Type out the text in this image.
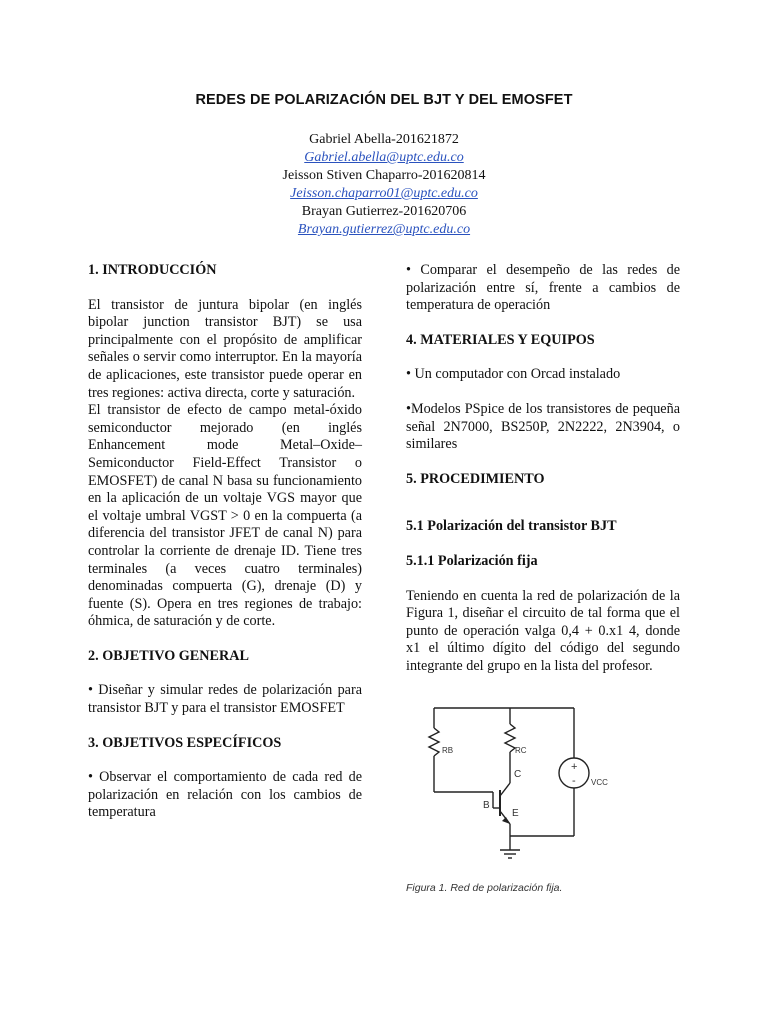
REDES DE POLARIZACIÓN DEL BJT Y DEL EMOSFET
Gabriel Abella-201621872
Gabriel.abella@uptc.edu.co
Jeisson Stiven Chaparro-201620814
Jeisson.chaparro01@uptc.edu.co
Brayan Gutierrez-201620706
Brayan.gutierrez@uptc.edu.co

1. INTRODUCCIÓN

El transistor de juntura bipolar (en inglés bipolar junction transistor BJT) se usa principalmente con el propósito de amplificar señales o servir como interruptor. En la mayoría de aplicaciones, este transistor puede operar en tres regiones: activa directa, corte y saturación.

El transistor de efecto de campo metal-óxido semiconductor mejorado (en inglés Enhancement mode Metal–Oxide–Semiconductor Field-Effect Transistor o EMOSFET) de canal N basa su funcionamiento en la aplicación de un voltaje VGS mayor que el voltaje umbral VGST > 0 en la compuerta (a diferencia del transistor JFET de canal N) para controlar la corriente de drenaje ID. Tiene tres terminales (a veces cuatro terminales) denominadas compuerta (G), drenaje (D) y fuente (S). Opera en tres regiones de trabajo: óhmica, de saturación y de corte.

2. OBJETIVO GENERAL

• Diseñar y simular redes de polarización para transistor BJT y para el transistor EMOSFET

3. OBJETIVOS ESPECÍFICOS

• Observar el comportamiento de cada red de polarización en relación con los cambios de temperatura

• Comparar el desempeño de las redes de polarización entre sí, frente a cambios de temperatura de operación

4. MATERIALES Y EQUIPOS

• Un computador con Orcad instalado

•Modelos PSpice de los transistores de pequeña señal 2N7000, BS250P, 2N2222, 2N3904, o similares

5. PROCEDIMIENTO

5.1 Polarización del transistor BJT

5.1.1 Polarización fija

Teniendo en cuenta la red de polarización de la Figura 1, diseñar el circuito de tal forma que el punto de operación valga 0,4 + 0.x1 4, donde x1 el último dígito del código del segundo integrante del grupo en la lista del profesor.

RB	RC
C
B
E
VCC
+
-

Figura 1. Red de polarización fija.
